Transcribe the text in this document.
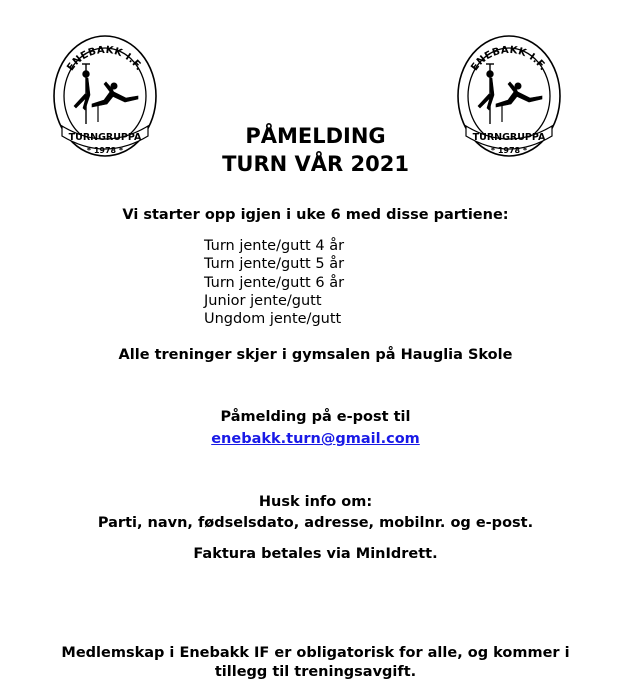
ENEBAKK I.F.
TURNGRUPPA
* 1978 *
ENEBAKK I.F.
TURNGRUPPA
* 1978 *
PÅMELDING
TURN VÅR 2021
Vi starter opp igjen i uke 6 med disse partiene:
Turn jente/gutt 4 år
Turn jente/gutt 5 år
Turn jente/gutt 6 år
Junior jente/gutt
Ungdom jente/gutt
Alle treninger skjer i gymsalen på Hauglia Skole
Påmelding på e-post til
enebakk.turn@gmail.com
Husk info om:
Parti, navn, fødselsdato, adresse, mobilnr. og e-post.
Faktura betales via MinIdrett.
Medlemskap i Enebakk IF er obligatorisk for alle, og kommer i
tillegg til treningsavgift.
